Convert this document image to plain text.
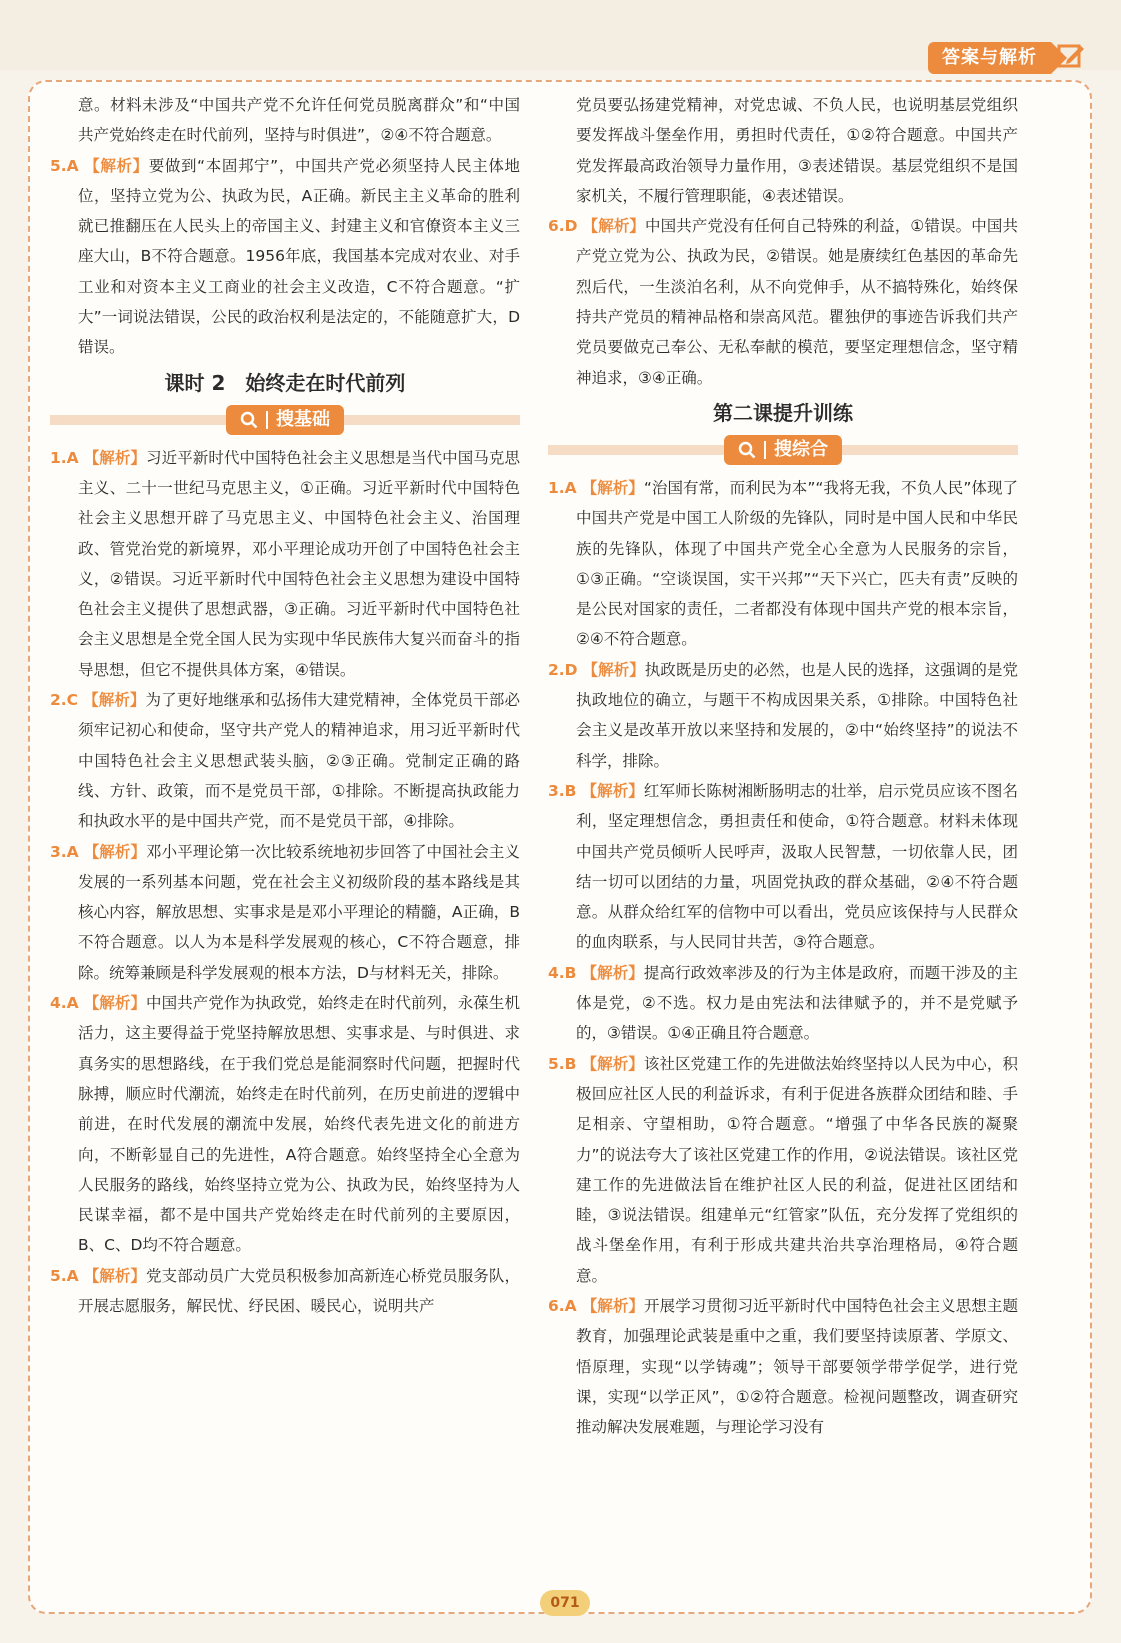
答案与解析

意。材料未涉及“中国共产党不允许任何党员脱离群众”和“中国共产党始终走在时代前列，坚持与时俱进”，②④不符合题意。

5.A 【解析】要做到“本固邦宁”，中国共产党必须坚持人民主体地位，坚持立党为公、执政为民，A正确。新民主主义革命的胜利就已推翻压在人民头上的帝国主义、封建主义和官僚资本主义三座大山，B不符合题意。1956年底，我国基本完成对农业、对手工业和对资本主义工商业的社会主义改造，C不符合题意。“扩大”一词说法错误，公民的政治权利是法定的，不能随意扩大，D错误。

课时 2　始终走在时代前列
搜基础

1.A 【解析】习近平新时代中国特色社会主义思想是当代中国马克思主义、二十一世纪马克思主义，①正确。习近平新时代中国特色社会主义思想开辟了马克思主义、中国特色社会主义、治国理政、管党治党的新境界，邓小平理论成功开创了中国特色社会主义，②错误。习近平新时代中国特色社会主义思想为建设中国特色社会主义提供了思想武器，③正确。习近平新时代中国特色社会主义思想是全党全国人民为实现中华民族伟大复兴而奋斗的指导思想，但它不提供具体方案，④错误。

2.C 【解析】为了更好地继承和弘扬伟大建党精神，全体党员干部必须牢记初心和使命，坚守共产党人的精神追求，用习近平新时代中国特色社会主义思想武装头脑，②③正确。党制定正确的路线、方针、政策，而不是党员干部，①排除。不断提高执政能力和执政水平的是中国共产党，而不是党员干部，④排除。

3.A 【解析】邓小平理论第一次比较系统地初步回答了中国社会主义发展的一系列基本问题，党在社会主义初级阶段的基本路线是其核心内容，解放思想、实事求是是邓小平理论的精髓，A正确，B不符合题意。以人为本是科学发展观的核心，C不符合题意，排除。统筹兼顾是科学发展观的根本方法，D与材料无关，排除。

4.A 【解析】中国共产党作为执政党，始终走在时代前列，永葆生机活力，这主要得益于党坚持解放思想、实事求是、与时俱进、求真务实的思想路线，在于我们党总是能洞察时代问题，把握时代脉搏，顺应时代潮流，始终走在时代前列，在历史前进的逻辑中前进，在时代发展的潮流中发展，始终代表先进文化的前进方向，不断彰显自己的先进性，A符合题意。始终坚持全心全意为人民服务的路线，始终坚持立党为公、执政为民，始终坚持为人民谋幸福，都不是中国共产党始终走在时代前列的主要原因，B、C、D均不符合题意。

5.A 【解析】党支部动员广大党员积极参加高新连心桥党员服务队，开展志愿服务，解民忧、纾民困、暖民心，说明共产

党员要弘扬建党精神，对党忠诚、不负人民，也说明基层党组织要发挥战斗堡垒作用，勇担时代责任，①②符合题意。中国共产党发挥最高政治领导力量作用，③表述错误。基层党组织不是国家机关，不履行管理职能，④表述错误。

6.D 【解析】中国共产党没有任何自己特殊的利益，①错误。中国共产党立党为公、执政为民，②错误。她是赓续红色基因的革命先烈后代，一生淡泊名利，从不向党伸手，从不搞特殊化，始终保持共产党员的精神品格和崇高风范。瞿独伊的事迹告诉我们共产党员要做克己奉公、无私奉献的模范，要坚定理想信念，坚守精神追求，③④正确。

第二课提升训练
搜综合

1.A 【解析】“治国有常，而利民为本”“我将无我，不负人民”体现了中国共产党是中国工人阶级的先锋队，同时是中国人民和中华民族的先锋队，体现了中国共产党全心全意为人民服务的宗旨，①③正确。“空谈误国，实干兴邦”“天下兴亡，匹夫有责”反映的是公民对国家的责任，二者都没有体现中国共产党的根本宗旨，②④不符合题意。

2.D 【解析】执政既是历史的必然，也是人民的选择，这强调的是党执政地位的确立，与题干不构成因果关系，①排除。中国特色社会主义是改革开放以来坚持和发展的，②中“始终坚持”的说法不科学，排除。

3.B 【解析】红军师长陈树湘断肠明志的壮举，启示党员应该不图名利，坚定理想信念，勇担责任和使命，①符合题意。材料未体现中国共产党员倾听人民呼声，汲取人民智慧，一切依靠人民，团结一切可以团结的力量，巩固党执政的群众基础，②④不符合题意。从群众给红军的信物中可以看出，党员应该保持与人民群众的血肉联系，与人民同甘共苦，③符合题意。

4.B 【解析】提高行政效率涉及的行为主体是政府，而题干涉及的主体是党，②不选。权力是由宪法和法律赋予的，并不是党赋予的，③错误。①④正确且符合题意。

5.B 【解析】该社区党建工作的先进做法始终坚持以人民为中心，积极回应社区人民的利益诉求，有利于促进各族群众团结和睦、手足相亲、守望相助，①符合题意。“增强了中华各民族的凝聚力”的说法夸大了该社区党建工作的作用，②说法错误。该社区党建工作的先进做法旨在维护社区人民的利益，促进社区团结和睦，③说法错误。组建单元“红管家”队伍，充分发挥了党组织的战斗堡垒作用，有利于形成共建共治共享治理格局，④符合题意。

6.A 【解析】开展学习贯彻习近平新时代中国特色社会主义思想主题教育，加强理论武装是重中之重，我们要坚持读原著、学原文、悟原理，实现“以学铸魂”；领导干部要领学带学促学，进行党课，实现“以学正风”，①②符合题意。检视问题整改，调查研究推动解决发展难题，与理论学习没有

071
